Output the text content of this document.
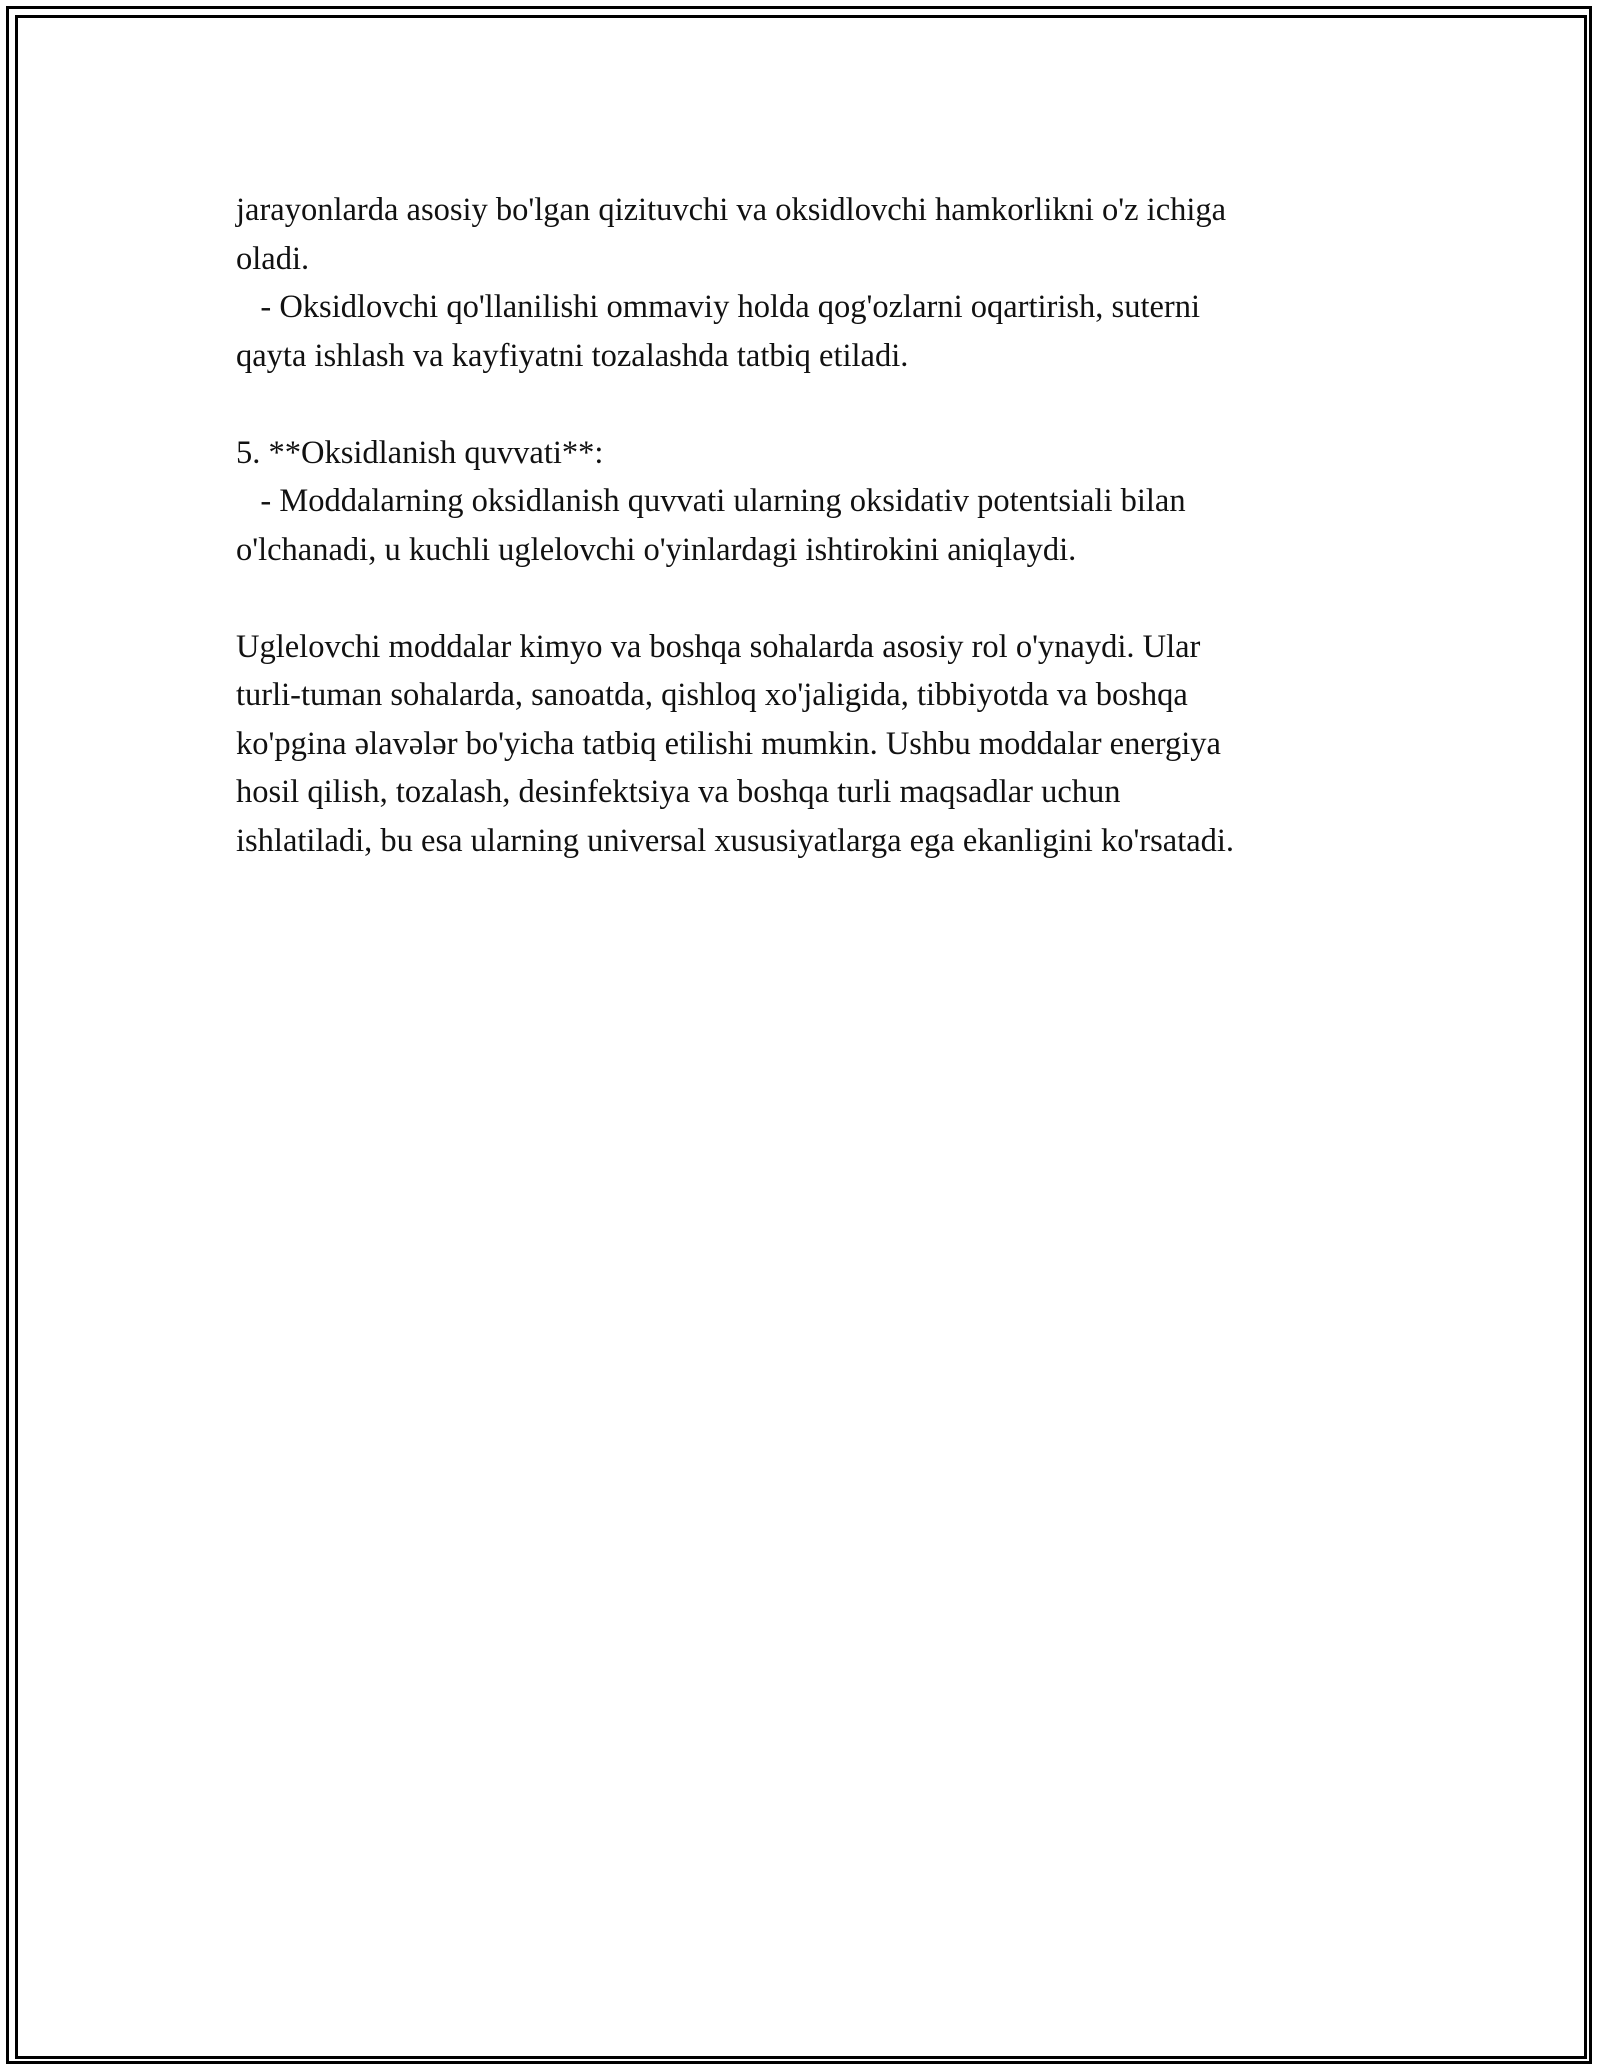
jarayonlarda asosiy bo'lgan qizituvchi va oksidlovchi hamkorlikni o'z ichiga
oladi.
- Oksidlovchi qo'llanilishi ommaviy holda qog'ozlarni oqartirish, suterni
qayta ishlash va kayfiyatni tozalashda tatbiq etiladi.
5. **Oksidlanish quvvati**:
- Moddalarning oksidlanish quvvati ularning oksidativ potentsiali bilan
o'lchanadi, u kuchli uglelovchi o'yinlardagi ishtirokini aniqlaydi.
Uglelovchi moddalar kimyo va boshqa sohalarda asosiy rol o'ynaydi. Ular
turli-tuman sohalarda, sanoatda, qishloq xo'jaligida, tibbiyotda va boshqa
ko'pgina əlavələr bo'yicha tatbiq etilishi mumkin. Ushbu moddalar energiya
hosil qilish, tozalash, desinfektsiya va boshqa turli maqsadlar uchun
ishlatiladi, bu esa ularning universal xususiyatlarga ega ekanligini ko'rsatadi.
